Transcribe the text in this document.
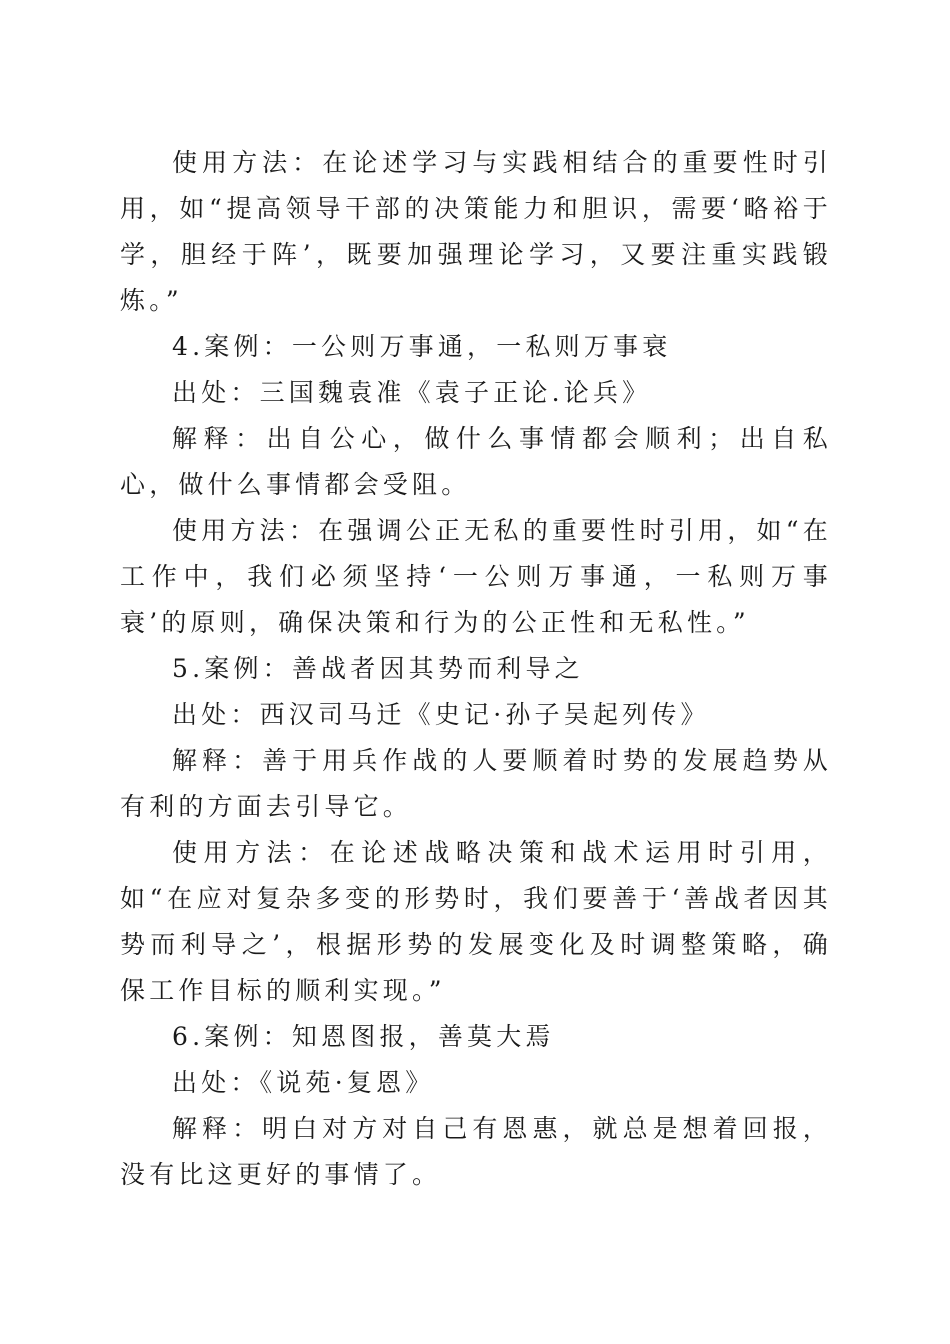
使用方法：在论述学习与实践相结合的重要性时引用，如“提高领导干部的决策能力和胆识，需要‘略裕于学，胆经于阵’，既要加强理论学习，又要注重实践锻炼。”

4.案例：一公则万事通，一私则万事衰

出处：三国魏袁准《袁子正论.论兵》

解释：出自公心，做什么事情都会顺利；出自私心，做什么事情都会受阻。

使用方法：在强调公正无私的重要性时引用，如“在工作中，我们必须坚持‘一公则万事通，一私则万事衰’的原则，确保决策和行为的公正性和无私性。”

5.案例：善战者因其势而利导之

出处：西汉司马迁《史记·孙子吴起列传》

解释：善于用兵作战的人要顺着时势的发展趋势从有利的方面去引导它。

使用方法：在论述战略决策和战术运用时引用，如“在应对复杂多变的形势时，我们要善于‘善战者因其势而利导之’，根据形势的发展变化及时调整策略，确保工作目标的顺利实现。”

6.案例：知恩图报，善莫大焉

出处：《说苑·复恩》

解释：明白对方对自己有恩惠，就总是想着回报，没有比这更好的事情了。
